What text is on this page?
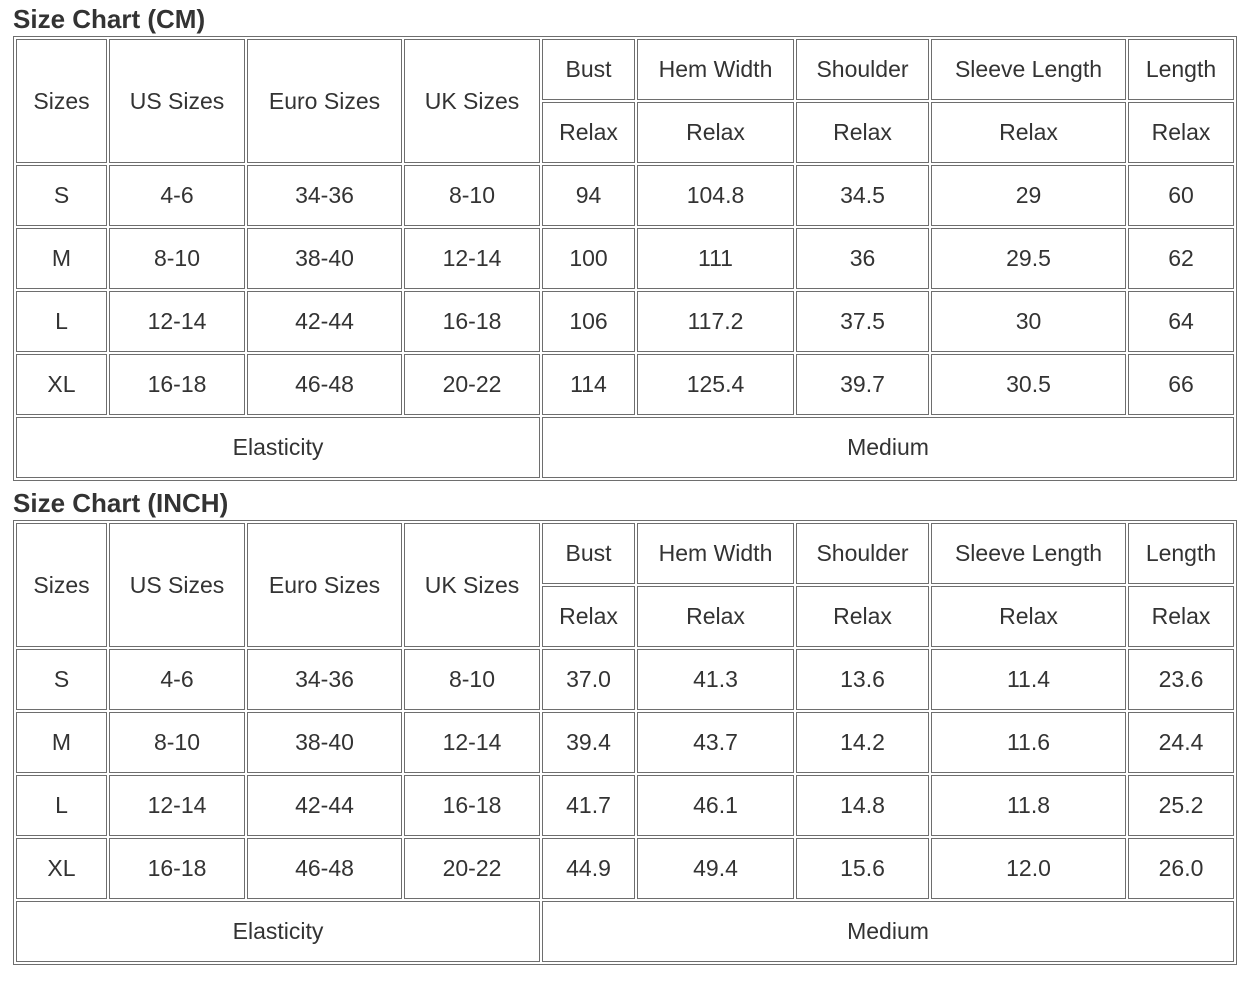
Size Chart (CM)
Sizes	US Sizes	Euro Sizes	UK Sizes	Bust	Hem Width	Shoulder	Sleeve Length	Length
				Relax	Relax	Relax	Relax	Relax
S	4-6	34-36	8-10	94	104.8	34.5	29	60
M	8-10	38-40	12-14	100	111	36	29.5	62
L	12-14	42-44	16-18	106	117.2	37.5	30	64
XL	16-18	46-48	20-22	114	125.4	39.7	30.5	66
Elasticity				Medium				
Size Chart (INCH)
Sizes	US Sizes	Euro Sizes	UK Sizes	Bust	Hem Width	Shoulder	Sleeve Length	Length
				Relax	Relax	Relax	Relax	Relax
S	4-6	34-36	8-10	37.0	41.3	13.6	11.4	23.6
M	8-10	38-40	12-14	39.4	43.7	14.2	11.6	24.4
L	12-14	42-44	16-18	41.7	46.1	14.8	11.8	25.2
XL	16-18	46-48	20-22	44.9	49.4	15.6	12.0	26.0
Elasticity				Medium				
